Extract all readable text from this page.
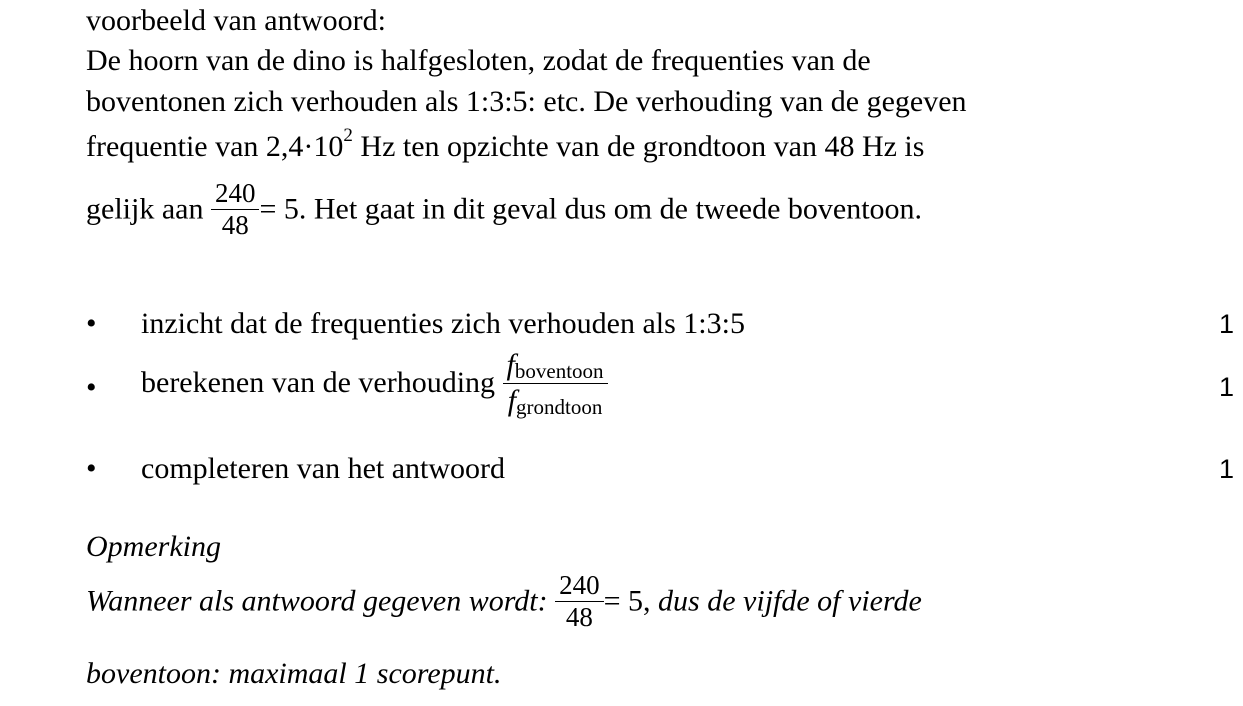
voorbeeld van antwoord:
De hoorn van de dino is halfgesloten, zodat de frequenties van de
boventonen zich verhouden als 1:3:5: etc. De verhouding van de gegeven
frequentie van $2,4\cdot 10^2$ Hz ten opzichte van de grondtoon van 48 Hz is
gelijk aan $\frac{240}{48} = 5$. Het gaat in dit geval dus om de tweede boventoon.
•	inzicht dat de frequenties zich verhouden als 1:3:5	1
•	berekenen van de verhouding $\frac{\text{fboventoon}}{\text{fgrondtoon}}$	1
•	completeren van het antwoord	1
Opmerking
Wanneer als antwoord gegeven wordt: $\frac{240}{48} = 5$, dus de vijfde of vierde
boventoon: maximaal 1 scorepunt.
